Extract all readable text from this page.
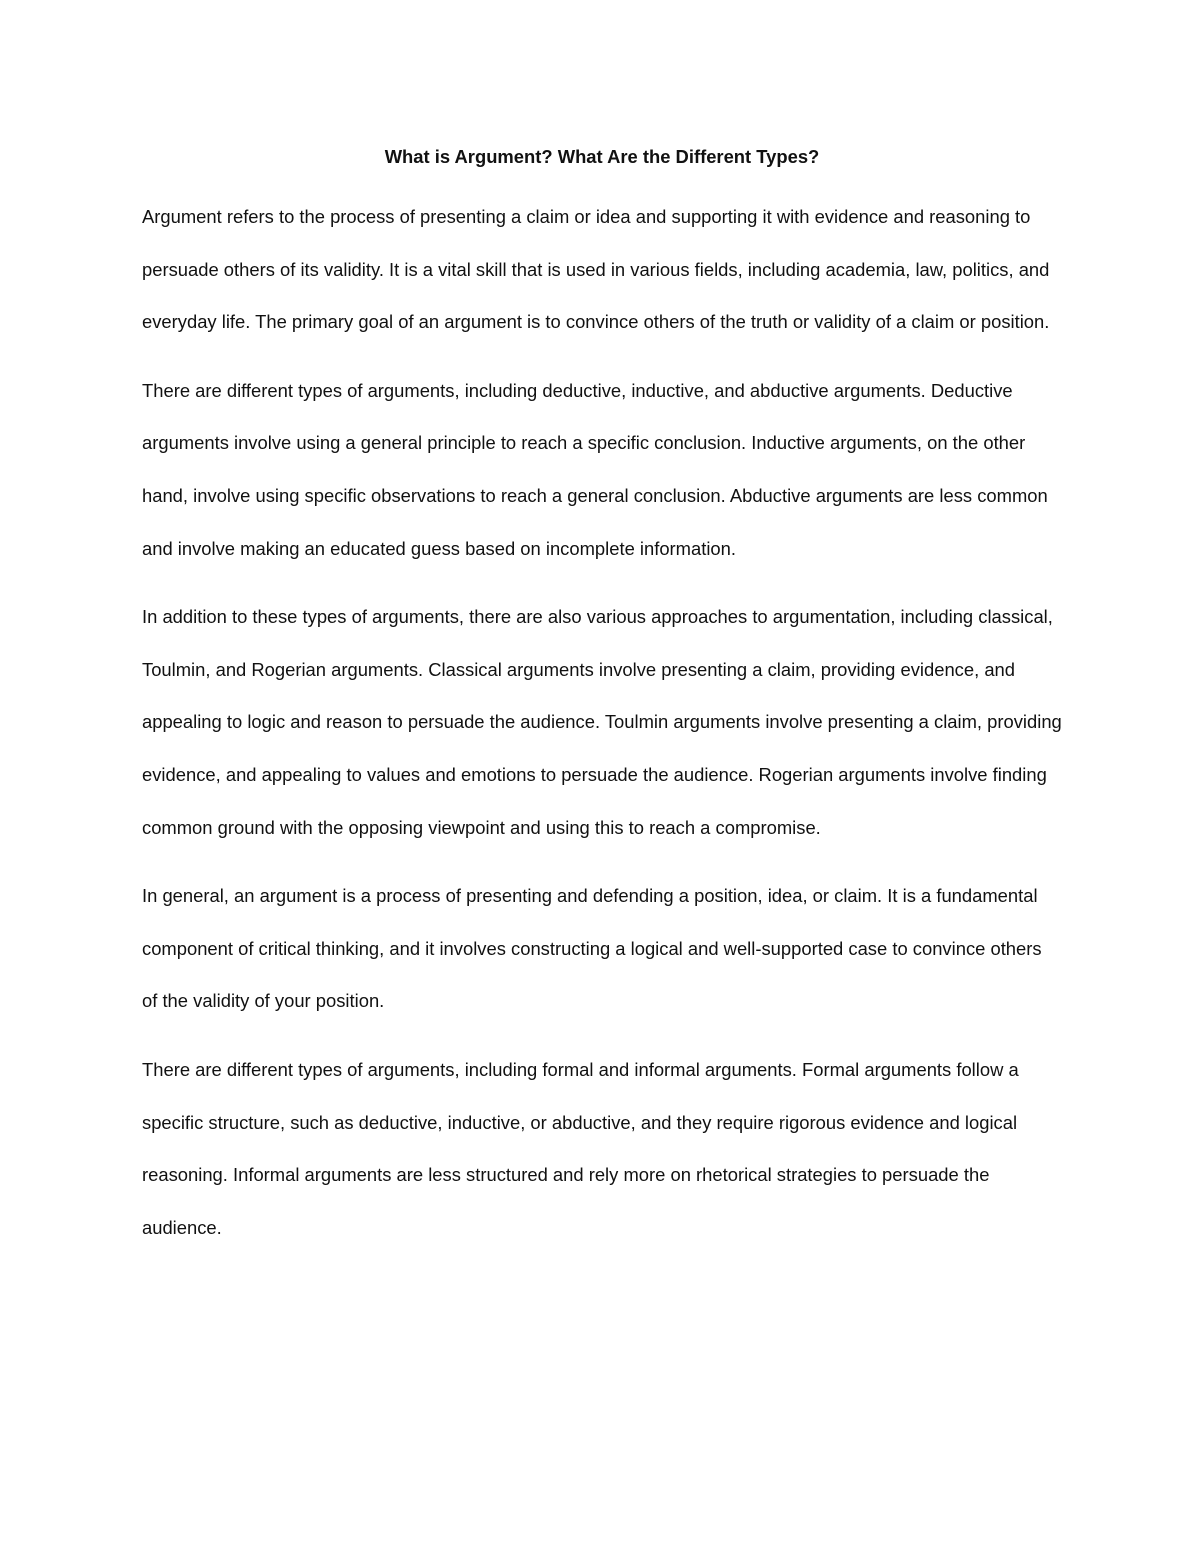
What is Argument? What Are the Different Types?

Argument refers to the process of presenting a claim or idea and supporting it with evidence and reasoning to persuade others of its validity. It is a vital skill that is used in various fields, including academia, law, politics, and everyday life. The primary goal of an argument is to convince others of the truth or validity of a claim or position.

There are different types of arguments, including deductive, inductive, and abductive arguments. Deductive arguments involve using a general principle to reach a specific conclusion. Inductive arguments, on the other hand, involve using specific observations to reach a general conclusion. Abductive arguments are less common and involve making an educated guess based on incomplete information.

In addition to these types of arguments, there are also various approaches to argumentation, including classical, Toulmin, and Rogerian arguments. Classical arguments involve presenting a claim, providing evidence, and appealing to logic and reason to persuade the audience. Toulmin arguments involve presenting a claim, providing evidence, and appealing to values and emotions to persuade the audience. Rogerian arguments involve finding common ground with the opposing viewpoint and using this to reach a compromise.

In general, an argument is a process of presenting and defending a position, idea, or claim. It is a fundamental component of critical thinking, and it involves constructing a logical and well-supported case to convince others of the validity of your position.

There are different types of arguments, including formal and informal arguments. Formal arguments follow a specific structure, such as deductive, inductive, or abductive, and they require rigorous evidence and logical reasoning. Informal arguments are less structured and rely more on rhetorical strategies to persuade the audience.
